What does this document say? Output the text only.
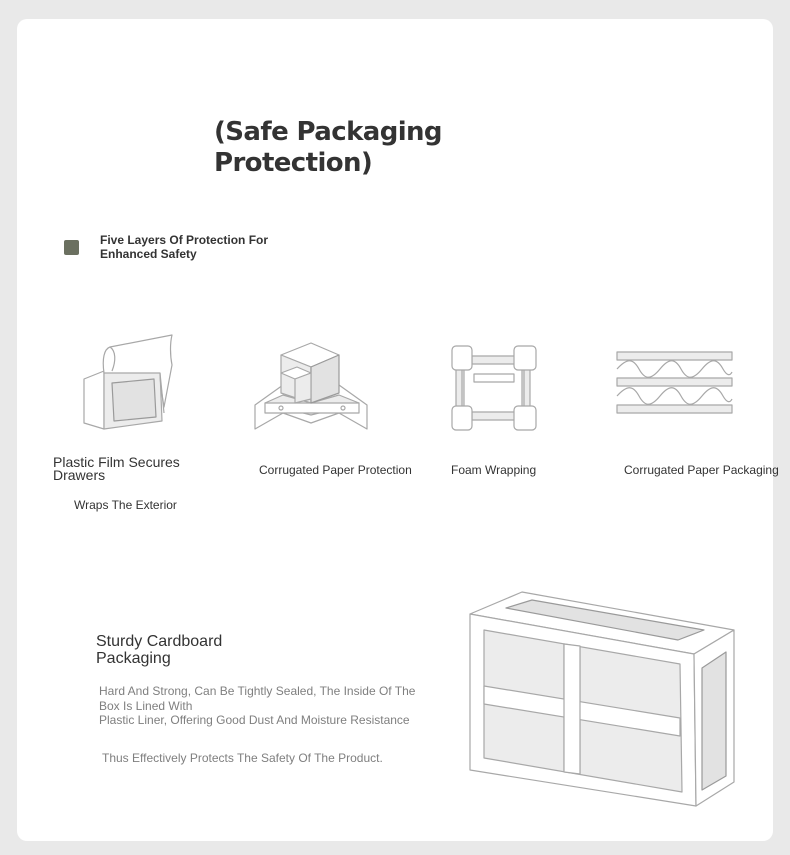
(Safe Packaging Protection)
Five Layers Of Protection For Enhanced Safety
Plastic Film Secures Drawers
Wraps The Exterior
Corrugated Paper Protection	Foam Wrapping	Corrugated Paper Packaging
Sturdy Cardboard Packaging

Hard And Strong, Can Be Tightly Sealed, The Inside Of The Box Is Lined With

Plastic Liner, Offering Good Dust And Moisture Resistance

Thus Effectively Protects The Safety Of The Product.
